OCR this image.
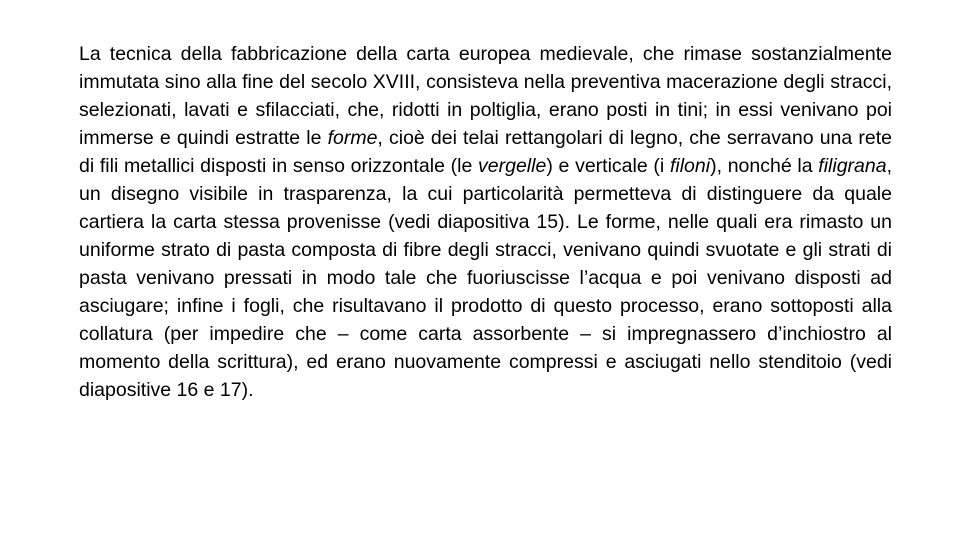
La tecnica della fabbricazione della carta europea medievale, che rimase sostanzialmente immutata sino alla fine del secolo XVIII, consisteva nella preventiva macerazione degli stracci, selezionati, lavati e sfilacciati, che, ridotti in poltiglia, erano posti in tini; in essi venivano poi immerse e quindi estratte le forme, cioè dei telai rettangolari di legno, che serravano una rete di fili metallici disposti in senso orizzontale (le vergelle) e verticale (i filoni), nonché la filigrana, un disegno visibile in trasparenza, la cui particolarità permetteva di distinguere da quale cartiera la carta stessa provenisse (vedi diapositiva 15). Le forme, nelle quali era rimasto un uniforme strato di pasta composta di fibre degli stracci, venivano quindi svuotate e gli strati di pasta venivano pressati in modo tale che fuoriuscisse l’acqua e poi venivano disposti ad asciugare; infine i fogli, che risultavano il prodotto di questo processo, erano sottoposti alla collatura (per impedire che – come carta assorbente – si impregnassero d’inchiostro al momento della scrittura), ed erano nuovamente compressi e asciugati nello stenditoio (vedi diapositive 16 e 17).
